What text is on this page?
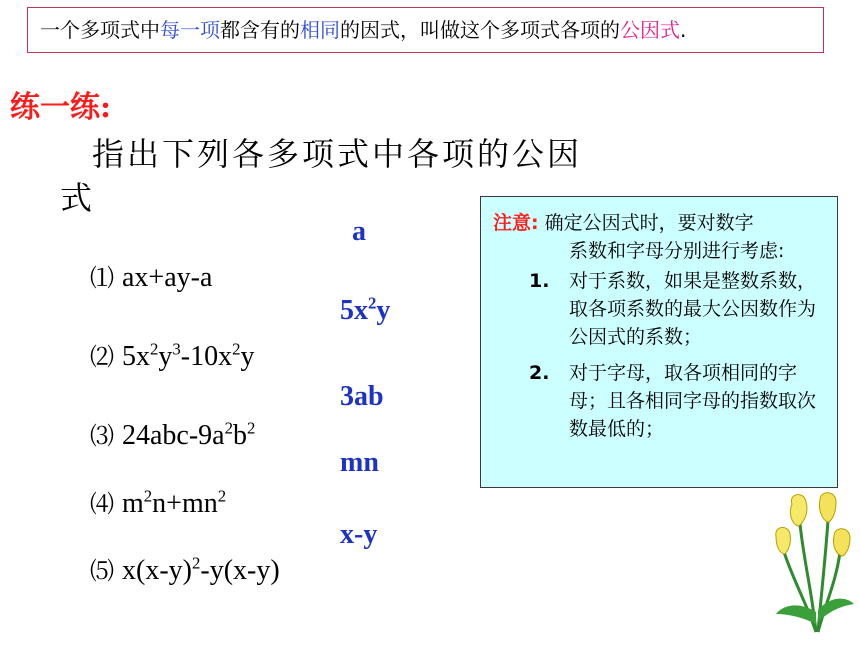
一个多项式中每一项都含有的相同的因式，叫做这个多项式各项的公因式.
练一练:
指出下列各多项式中各项的公因
式
⑴ ax+ay-a
⑵ $5x^2y^3-10x^2y$
⑶ $24abc-9a^2b^2$
⑷ $m^2n+mn^2$
⑸ $x(x-y)^2-y(x-y)$
a
$5x^2y$
3ab
mn
x-y
注意: 确定公因式时，要对数字
系数和字母分别进行考虑:
1. 对于系数，如果是整数系数，取各项系数的最大公因数作为公因式的系数；
2. 对于字母，取各项相同的字母；且各相同字母的指数取次数最低的；
